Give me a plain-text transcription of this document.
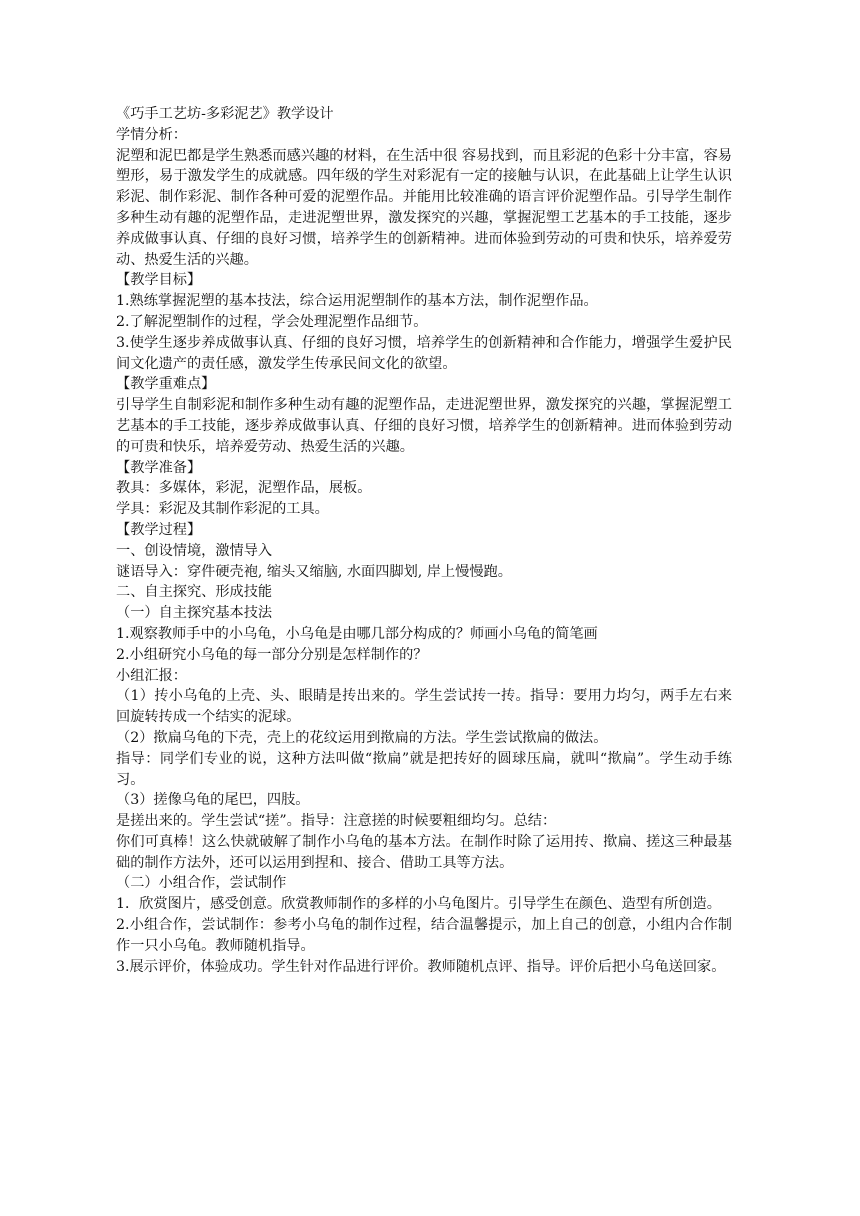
《巧手工艺坊-多彩泥艺》教学设计

学情分析：

泥塑和泥巴都是学生熟悉而感兴趣的材料，在生活中很 容易找到，而且彩泥的色彩十分丰富，容易塑形，易于激发学生的成就感。四年级的学生对彩泥有一定的接触与认识，在此基础上让学生认识彩泥、制作彩泥、制作各种可爱的泥塑作品。并能用比较准确的语言评价泥塑作品。引导学生制作多种生动有趣的泥塑作品，走进泥塑世界，激发探究的兴趣，掌握泥塑工艺基本的手工技能，逐步养成做事认真、仔细的良好习惯，培养学生的创新精神。进而体验到劳动的可贵和快乐，培养爱劳动、热爱生活的兴趣。

【教学目标】

1.熟练掌握泥塑的基本技法，综合运用泥塑制作的基本方法，制作泥塑作品。

2.了解泥塑制作的过程，学会处理泥塑作品细节。

3.使学生逐步养成做事认真、仔细的良好习惯，培养学生的创新精神和合作能力，增强学生爱护民间文化遗产的责任感，激发学生传承民间文化的欲望。

【教学重难点】

引导学生自制彩泥和制作多种生动有趣的泥塑作品，走进泥塑世界，激发探究的兴趣，掌握泥塑工艺基本的手工技能，逐步养成做事认真、仔细的良好习惯，培养学生的创新精神。进而体验到劳动的可贵和快乐，培养爱劳动、热爱生活的兴趣。

【教学准备】

教具：多媒体，彩泥，泥塑作品，展板。

学具：彩泥及其制作彩泥的工具。

【教学过程】

一、创设情境，激情导入

谜语导入：穿件硬壳袍, 缩头又缩脑, 水面四脚划, 岸上慢慢跑。

二、自主探究、形成技能

（一）自主探究基本技法

1.观察教师手中的小乌龟，小乌龟是由哪几部分构成的？师画小乌龟的简笔画

2.小组研究小乌龟的每一部分分别是怎样制作的？

小组汇报：

（1）抟小乌龟的上壳、头、眼睛是抟出来的。学生尝试抟一抟。指导：要用力均匀，两手左右来回旋转抟成一个结实的泥球。

（2）揿扁乌龟的下壳，壳上的花纹运用到揿扁的方法。学生尝试揿扁的做法。

指导：同学们专业的说，这种方法叫做“揿扁”就是把抟好的圆球压扁，就叫“揿扁”。学生动手练习。

（3）搓像乌龟的尾巴，四肢。

是搓出来的。学生尝试“搓”。指导：注意搓的时候要粗细均匀。总结：

你们可真棒！这么快就破解了制作小乌龟的基本方法。在制作时除了运用抟、揿扁、搓这三种最基础的制作方法外，还可以运用到捏和、接合、借助工具等方法。

（二）小组合作，尝试制作

1．欣赏图片，感受创意。欣赏教师制作的多样的小乌龟图片。引导学生在颜色、造型有所创造。

2.小组合作，尝试制作：参考小乌龟的制作过程，结合温馨提示，加上自己的创意，小组内合作制作一只小乌龟。教师随机指导。

3.展示评价，体验成功。学生针对作品进行评价。教师随机点评、指导。评价后把小乌龟送回家。
